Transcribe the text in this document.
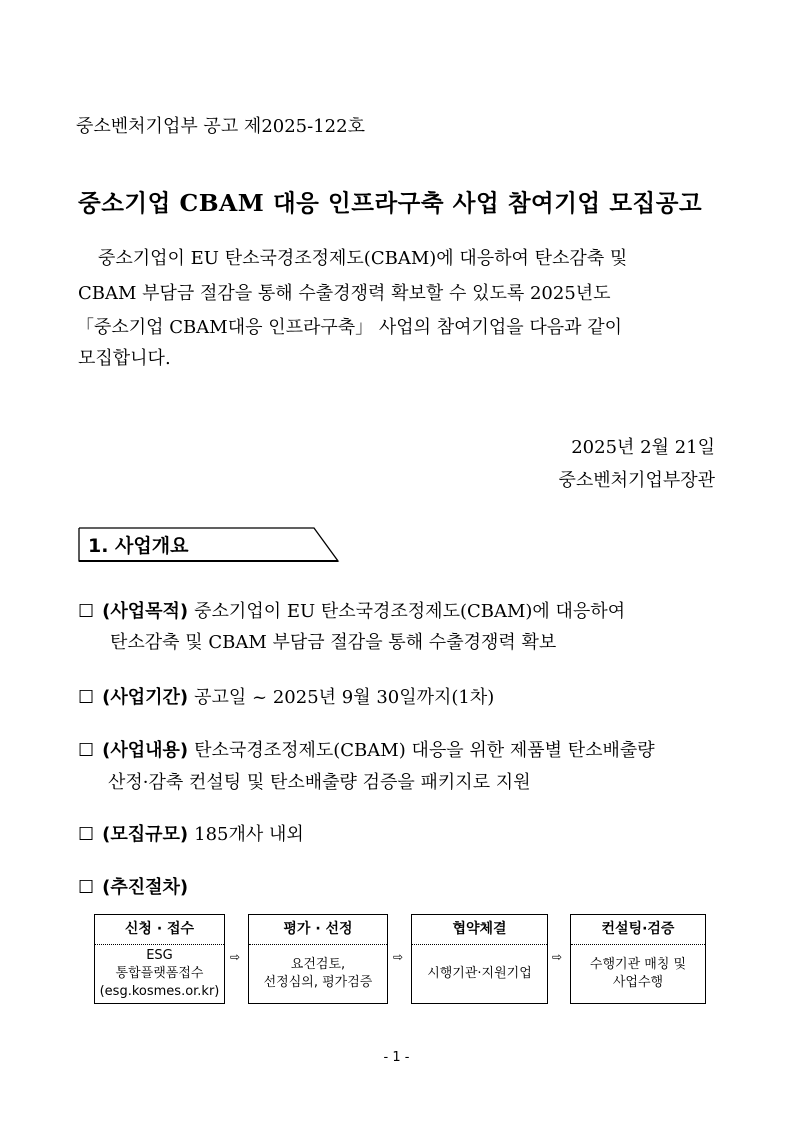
중소벤처기업부 공고 제2025-122호
중소기업 CBAM 대응 인프라구축 사업 참여기업 모집공고
중소기업이 EU 탄소국경조정제도(CBAM)에 대응하여 탄소감축 및
CBAM 부담금 절감을 통해 수출경쟁력 확보할 수 있도록 2025년도
「중소기업 CBAM대응 인프라구축」 사업의 참여기업을 다음과 같이
모집합니다.
2025년 2월 21일
중소벤처기업부장관
1. 사업개요
☐ (사업목적) 중소기업이 EU 탄소국경조정제도(CBAM)에 대응하여
탄소감축 및 CBAM 부담금 절감을 통해 수출경쟁력 확보
☐ (사업기간) 공고일 ~ 2025년 9월 30일까지(1차)
☐ (사업내용) 탄소국경조정제도(CBAM) 대응을 위한 제품별 탄소배출량
산정·감축 컨설팅 및 탄소배출량 검증을 패키지로 지원
☐ (모집규모) 185개사 내외
☐ (추진절차)
신청 · 접수
ESG
통합플랫폼접수
(esg.kosmes.or.kr)
⇨
평가 · 선정
요건검토,
선정심의, 평가검증
⇨
협약체결
시행기관·지원기업
⇨
컨설팅·검증
수행기관 매칭 및
사업수행
- 1 -
